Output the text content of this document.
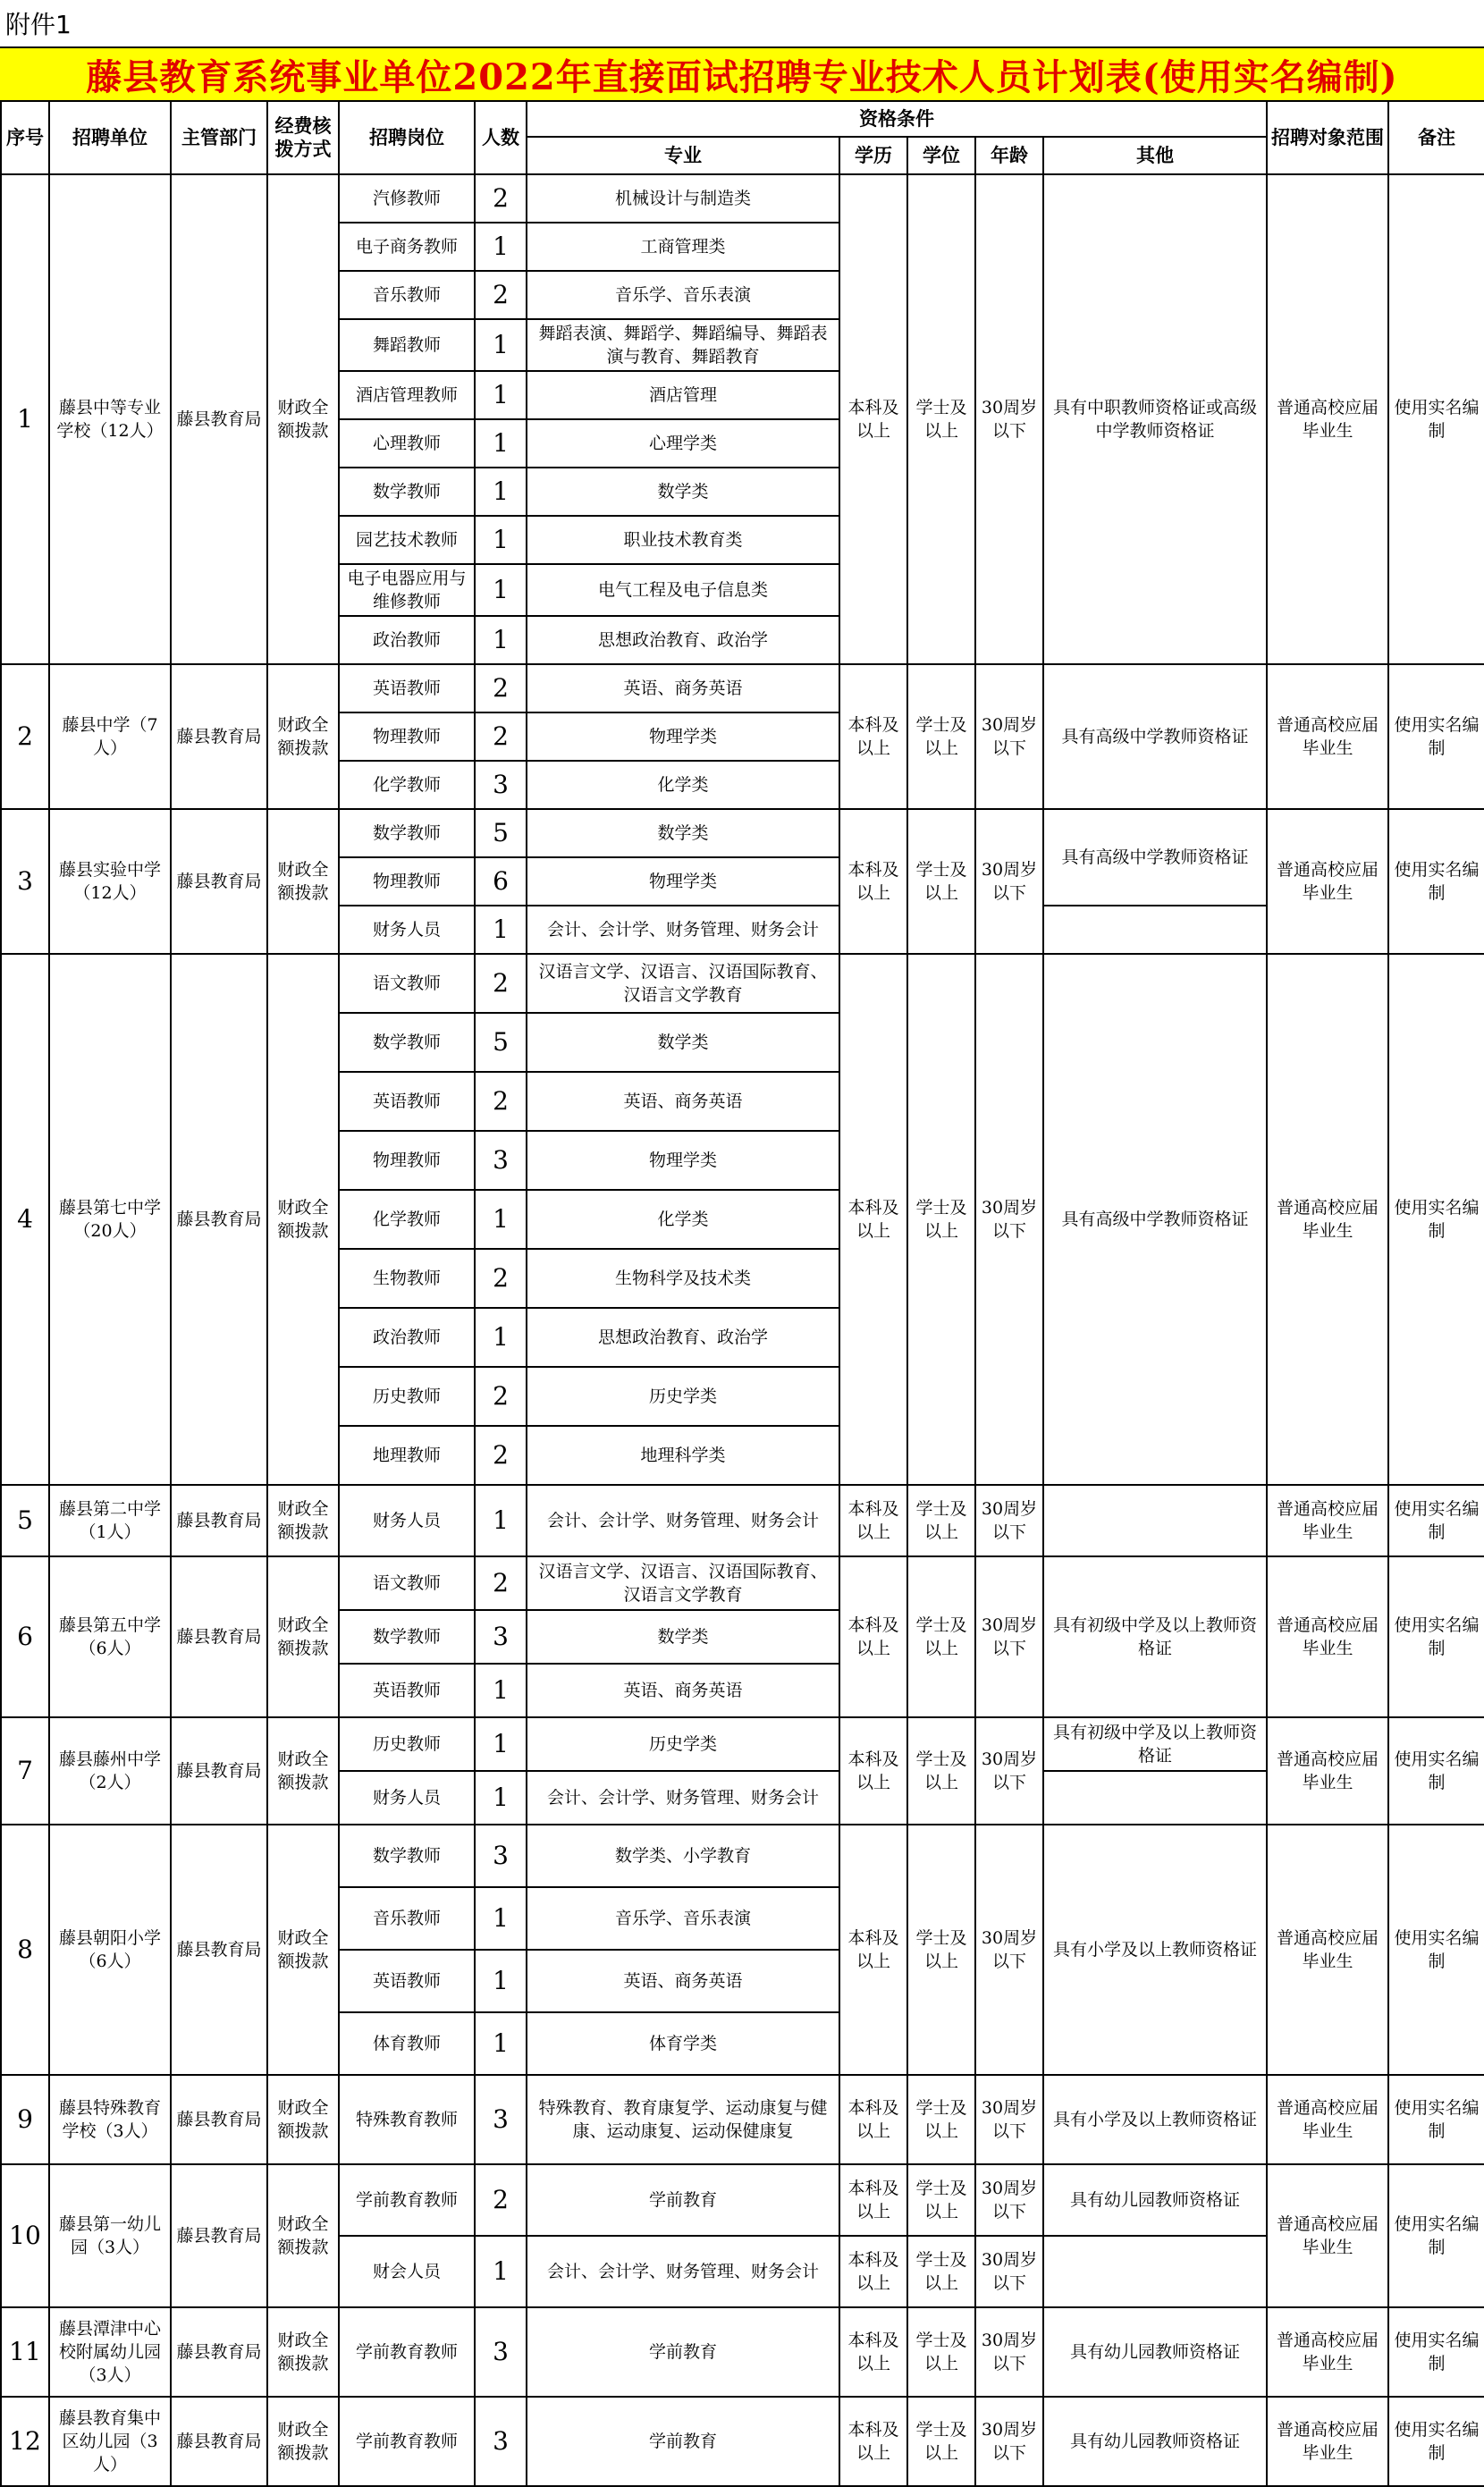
附件1
藤县教育系统事业单位2022年直接面试招聘专业技术人员计划表(使用实名编制)
序号	招聘单位	主管部门	经费核拨方式	招聘岗位	人数	资格条件					招聘对象范围	备注
						专业	学历	学位	年龄	其他		
1	藤县中等专业学校（12人）	藤县教育局	财政全额拨款	汽修教师	2	机械设计与制造类	本科及以上	学士及以上	30周岁以下	具有中职教师资格证或高级中学教师资格证	普通高校应届毕业生	使用实名编制
				电子商务教师	1	工商管理类						
				音乐教师	2	音乐学、音乐表演						
				舞蹈教师	1	舞蹈表演、舞蹈学、舞蹈编导、舞蹈表演与教育、舞蹈教育						
				酒店管理教师	1	酒店管理						
				心理教师	1	心理学类						
				数学教师	1	数学类						
				园艺技术教师	1	职业技术教育类						
				电子电器应用与维修教师	1	电气工程及电子信息类						
				政治教师	1	思想政治教育、政治学						
2	藤县中学（7人）	藤县教育局	财政全额拨款	英语教师	2	英语、商务英语	本科及以上	学士及以上	30周岁以下	具有高级中学教师资格证	普通高校应届毕业生	使用实名编制
				物理教师	2	物理学类						
				化学教师	3	化学类						
3	藤县实验中学（12人）	藤县教育局	财政全额拨款	数学教师	5	数学类	本科及以上	学士及以上	30周岁以下	具有高级中学教师资格证	普通高校应届毕业生	使用实名编制
				物理教师	6	物理学类						
				财务人员	1	会计、会计学、财务管理、财务会计						
4	藤县第七中学（20人）	藤县教育局	财政全额拨款	语文教师	2	汉语言文学、汉语言、汉语国际教育、汉语言文学教育	本科及以上	学士及以上	30周岁以下	具有高级中学教师资格证	普通高校应届毕业生	使用实名编制
				数学教师	5	数学类						
				英语教师	2	英语、商务英语						
				物理教师	3	物理学类						
				化学教师	1	化学类						
				生物教师	2	生物科学及技术类						
				政治教师	1	思想政治教育、政治学						
				历史教师	2	历史学类						
				地理教师	2	地理科学类						
5	藤县第二中学（1人）	藤县教育局	财政全额拨款	财务人员	1	会计、会计学、财务管理、财务会计	本科及以上	学士及以上	30周岁以下		普通高校应届毕业生	使用实名编制
6	藤县第五中学（6人）	藤县教育局	财政全额拨款	语文教师	2	汉语言文学、汉语言、汉语国际教育、汉语言文学教育	本科及以上	学士及以上	30周岁以下	具有初级中学及以上教师资格证	普通高校应届毕业生	使用实名编制
				数学教师	3	数学类						
				英语教师	1	英语、商务英语						
7	藤县藤州中学（2人）	藤县教育局	财政全额拨款	历史教师	1	历史学类	本科及以上	学士及以上	30周岁以下	具有初级中学及以上教师资格证	普通高校应届毕业生	使用实名编制
				财务人员	1	会计、会计学、财务管理、财务会计						
8	藤县朝阳小学（6人）	藤县教育局	财政全额拨款	数学教师	3	数学类、小学教育	本科及以上	学士及以上	30周岁以下	具有小学及以上教师资格证	普通高校应届毕业生	使用实名编制
				音乐教师	1	音乐学、音乐表演						
				英语教师	1	英语、商务英语						
				体育教师	1	体育学类						
9	藤县特殊教育学校（3人）	藤县教育局	财政全额拨款	特殊教育教师	3	特殊教育、教育康复学、运动康复与健康、运动康复、运动保健康复	本科及以上	学士及以上	30周岁以下	具有小学及以上教师资格证	普通高校应届毕业生	使用实名编制
10	藤县第一幼儿园（3人）	藤县教育局	财政全额拨款	学前教育教师	2	学前教育	本科及以上	学士及以上	30周岁以下	具有幼儿园教师资格证	普通高校应届毕业生	使用实名编制
				财会人员	1	会计、会计学、财务管理、财务会计	本科及以上	学士及以上	30周岁以下			
11	藤县潭津中心校附属幼儿园（3人）	藤县教育局	财政全额拨款	学前教育教师	3	学前教育	本科及以上	学士及以上	30周岁以下	具有幼儿园教师资格证	普通高校应届毕业生	使用实名编制
12	藤县教育集中区幼儿园（3人）	藤县教育局	财政全额拨款	学前教育教师	3	学前教育	本科及以上	学士及以上	30周岁以下	具有幼儿园教师资格证	普通高校应届毕业生	使用实名编制
